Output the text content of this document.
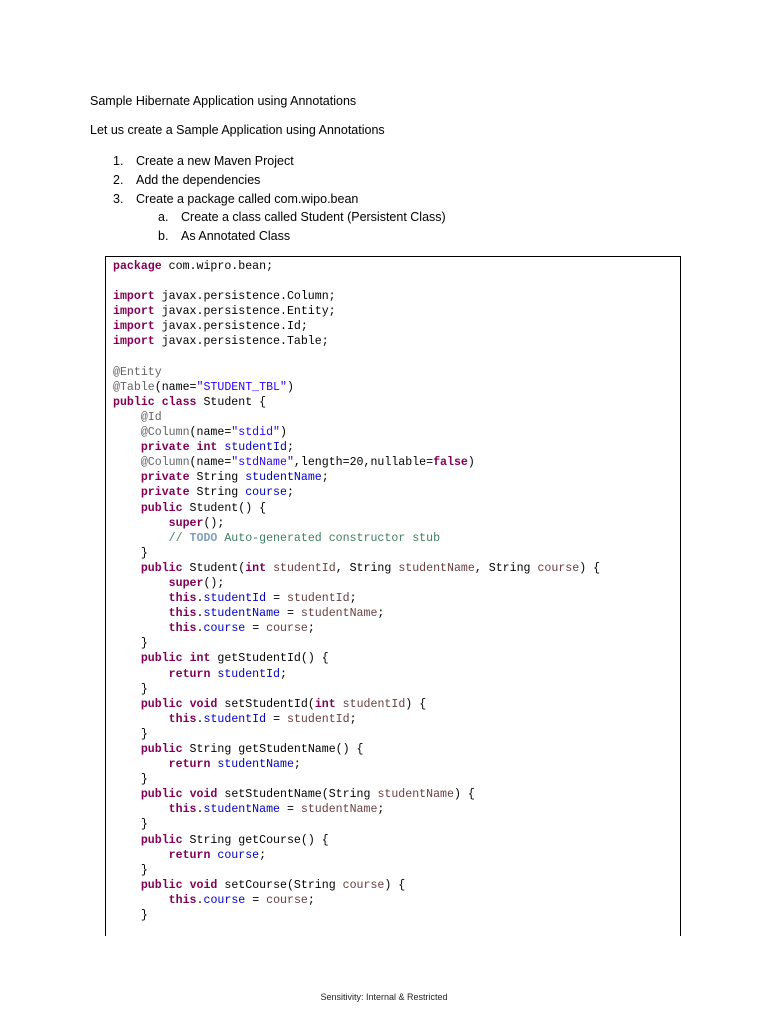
Sample Hibernate Application using Annotations
Let us create a Sample Application using Annotations
1.	Create a new Maven Project
2.	Add the dependencies
3.	Create a package called com.wipo.bean
a.	Create a class called Student (Persistent Class)
b.	As Annotated Class
package com.wipro.bean;
import javax.persistence.Column;
import javax.persistence.Entity;
import javax.persistence.Id;
import javax.persistence.Table;
@Entity
@Table(name="STUDENT_TBL")
public class Student {
@Id
@Column(name="stdid")
private int studentId;
@Column(name="stdName",length=20,nullable=false)
private String studentName;
private String course;
public Student() {
super();
// TODO Auto-generated constructor stub
}
public Student(int studentId, String studentName, String course) {
super();
this.studentId = studentId;
this.studentName = studentName;
this.course = course;
}
public int getStudentId() {
return studentId;
}
public void setStudentId(int studentId) {
this.studentId = studentId;
}
public String getStudentName() {
return studentName;
}
public void setStudentName(String studentName) {
this.studentName = studentName;
}
public String getCourse() {
return course;
}
public void setCourse(String course) {
this.course = course;
}
Sensitivity: Internal & Restricted
